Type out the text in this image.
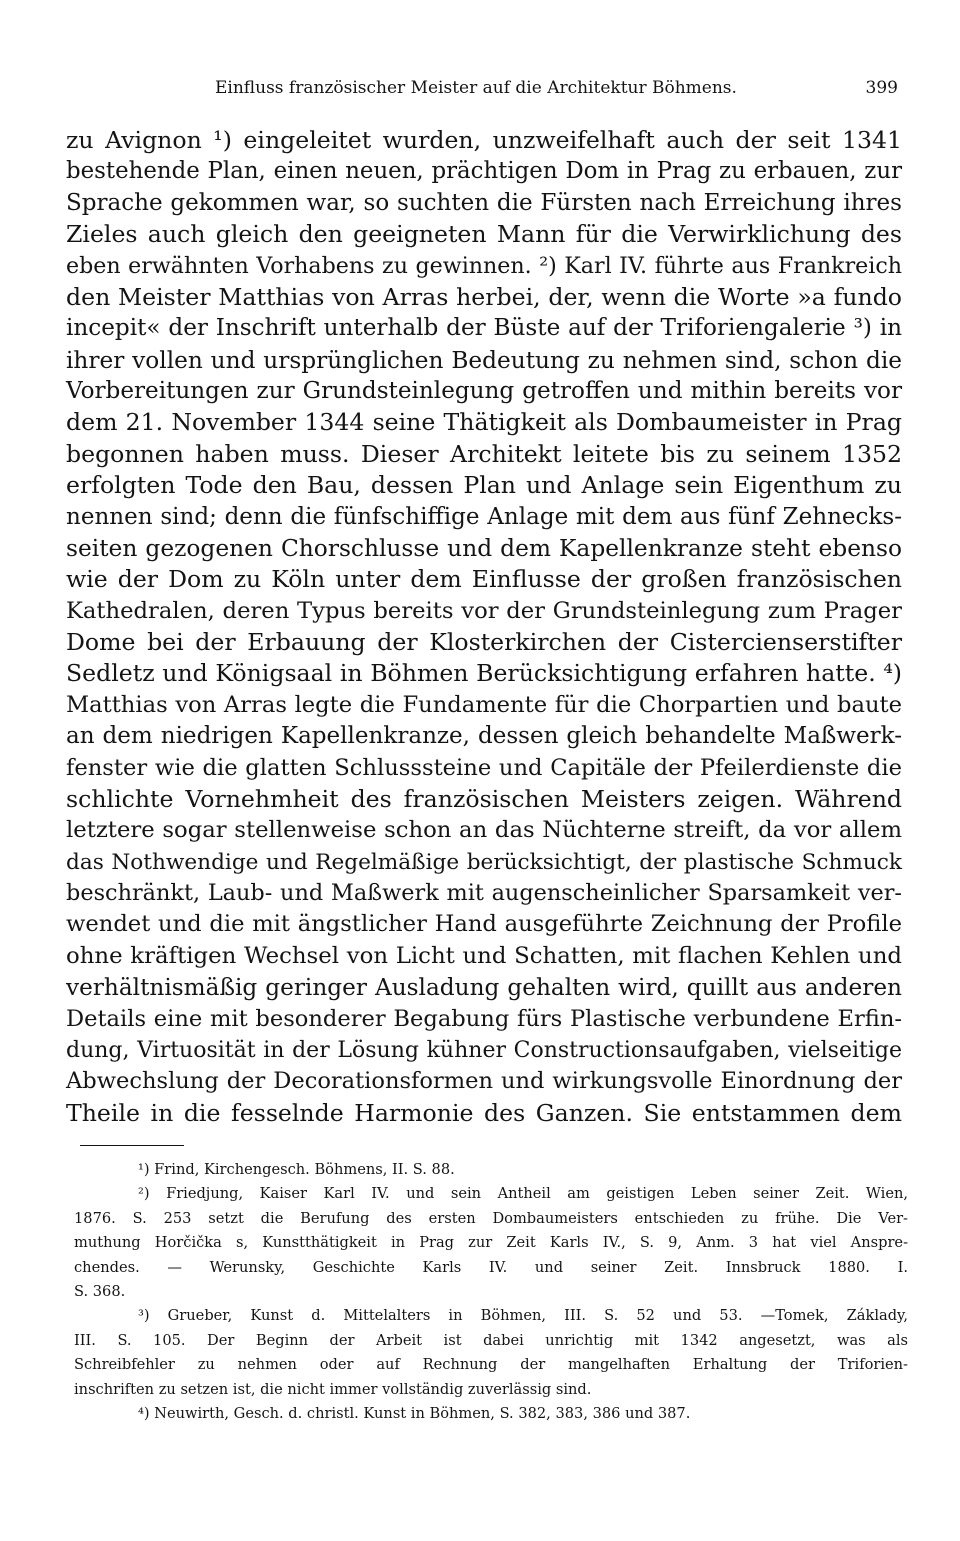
Einfluss französischer Meister auf die Architektur Böhmens.	399
zu Avignon ¹) eingeleitet wurden, unzweifelhaft auch der seit 1341
bestehende Plan, einen neuen, prächtigen Dom in Prag zu erbauen, zur
Sprache gekommen war, so suchten die Fürsten nach Erreichung ihres
Zieles auch gleich den geeigneten Mann für die Verwirklichung des
eben erwähnten Vorhabens zu gewinnen. ²) Karl IV. führte aus Frankreich
den Meister Matthias von Arras herbei, der, wenn die Worte »a fundo
incepit« der Inschrift unterhalb der Büste auf der Triforiengalerie ³) in
ihrer vollen und ursprünglichen Bedeutung zu nehmen sind, schon die
Vorbereitungen zur Grundsteinlegung getroffen und mithin bereits vor
dem 21. November 1344 seine Thätigkeit als Dombaumeister in Prag
begonnen haben muss. Dieser Architekt leitete bis zu seinem 1352
erfolgten Tode den Bau, dessen Plan und Anlage sein Eigenthum zu
nennen sind; denn die fünfschiffige Anlage mit dem aus fünf Zehnecks-
seiten gezogenen Chorschlusse und dem Kapellenkranze steht ebenso
wie der Dom zu Köln unter dem Einflusse der großen französischen
Kathedralen, deren Typus bereits vor der Grundsteinlegung zum Prager
Dome bei der Erbauung der Klosterkirchen der Cistercienserstifter
Sedletz und Königsaal in Böhmen Berücksichtigung erfahren hatte. ⁴)
Matthias von Arras legte die Fundamente für die Chorpartien und baute
an dem niedrigen Kapellenkranze, dessen gleich behandelte Maßwerk-
fenster wie die glatten Schlusssteine und Capitäle der Pfeilerdienste die
schlichte Vornehmheit des französischen Meisters zeigen. Während
letztere sogar stellenweise schon an das Nüchterne streift, da vor allem
das Nothwendige und Regelmäßige berücksichtigt, der plastische Schmuck
beschränkt, Laub- und Maßwerk mit augenscheinlicher Sparsamkeit ver-
wendet und die mit ängstlicher Hand ausgeführte Zeichnung der Profile
ohne kräftigen Wechsel von Licht und Schatten, mit flachen Kehlen und
verhältnismäßig geringer Ausladung gehalten wird, quillt aus anderen
Details eine mit besonderer Begabung fürs Plastische verbundene Erfin-
dung, Virtuosität in der Lösung kühner Constructionsaufgaben, vielseitige
Abwechslung der Decorationsformen und wirkungsvolle Einordnung der
Theile in die fesselnde Harmonie des Ganzen. Sie entstammen dem
¹) Frind, Kirchengesch. Böhmens, II. S. 88.
²) Friedjung, Kaiser Karl IV. und sein Antheil am geistigen Leben seiner Zeit. Wien,
1876. S. 253 setzt die Berufung des ersten Dombaumeisters entschieden zu frühe. Die Ver-
muthung Horčička s, Kunstthätigkeit in Prag zur Zeit Karls IV., S. 9, Anm. 3 hat viel Anspre-
chendes. — Werunsky, Geschichte Karls IV. und seiner Zeit. Innsbruck 1880. I.
S. 368.
³) Grueber, Kunst d. Mittelalters in Böhmen, III. S. 52 und 53. —Tomek, Základy,
III. S. 105. Der Beginn der Arbeit ist dabei unrichtig mit 1342 angesetzt, was als
Schreibfehler zu nehmen oder auf Rechnung der mangelhaften Erhaltung der Triforien-
inschriften zu setzen ist, die nicht immer vollständig zuverlässig sind.
⁴) Neuwirth, Gesch. d. christl. Kunst in Böhmen, S. 382, 383, 386 und 387.
